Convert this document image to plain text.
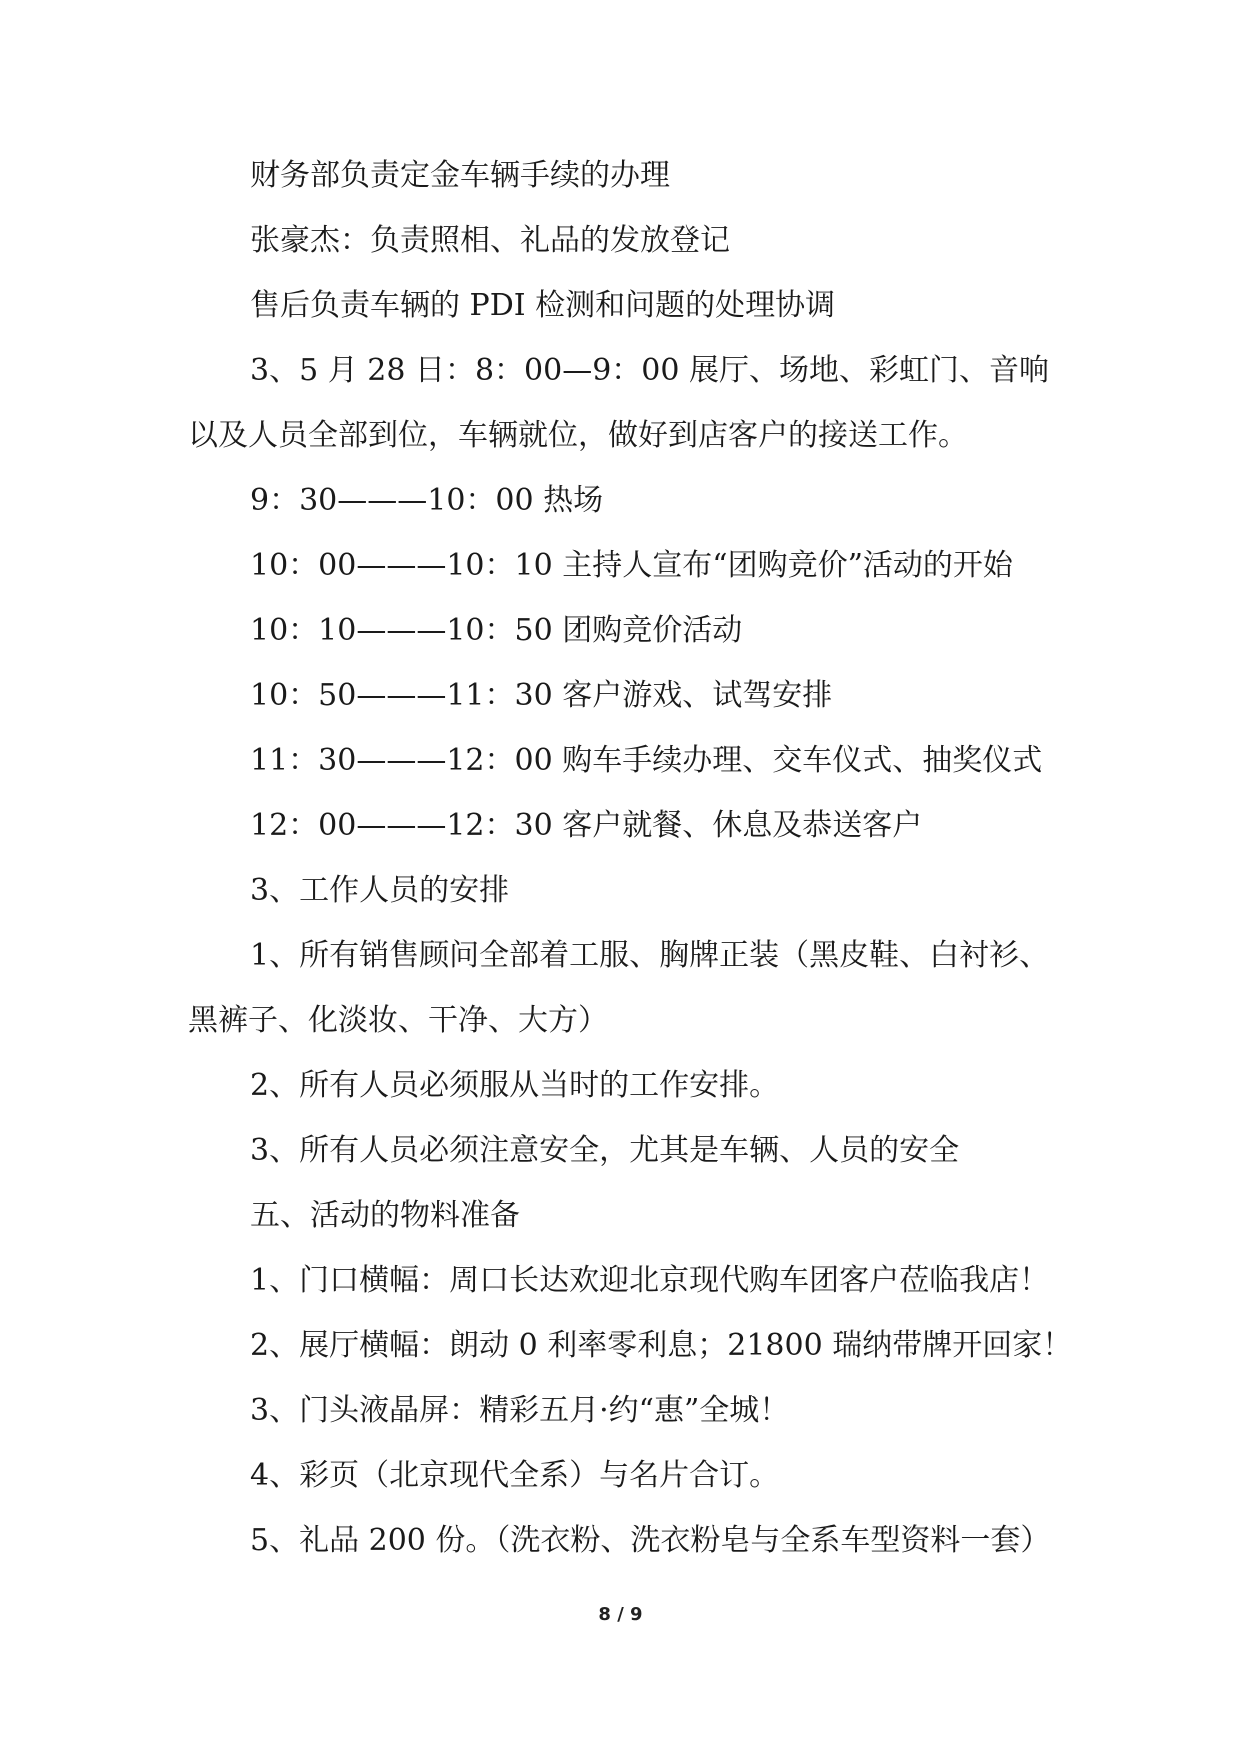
财务部负责定金车辆手续的办理

张豪杰：负责照相、礼品的发放登记

售后负责车辆的 PDI 检测和问题的处理协调

3、5 月 28 日：8：00—9：00 展厅、场地、彩虹门、音响以及人员全部到位，车辆就位，做好到店客户的接送工作。

9：30———10：00 热场

10：00———10：10 主持人宣布“团购竞价”活动的开始

10：10———10：50 团购竞价活动

10：50———11：30 客户游戏、试驾安排

11：30———12：00 购车手续办理、交车仪式、抽奖仪式

12：00———12：30 客户就餐、休息及恭送客户

3、工作人员的安排

1、所有销售顾问全部着工服、胸牌正装（黑皮鞋、白衬衫、黑裤子、化淡妆、干净、大方）

2、所有人员必须服从当时的工作安排。

3、所有人员必须注意安全，尤其是车辆、人员的安全

五、活动的物料准备

1、门口横幅：周口长达欢迎北京现代购车团客户莅临我店！

2、展厅横幅：朗动 0 利率零利息；21800 瑞纳带牌开回家！

3、门头液晶屏：精彩五月·约“惠”全城！

4、彩页（北京现代全系）与名片合订。

5、礼品 200 份。（洗衣粉、洗衣粉皂与全系车型资料一套）

8 / 9
